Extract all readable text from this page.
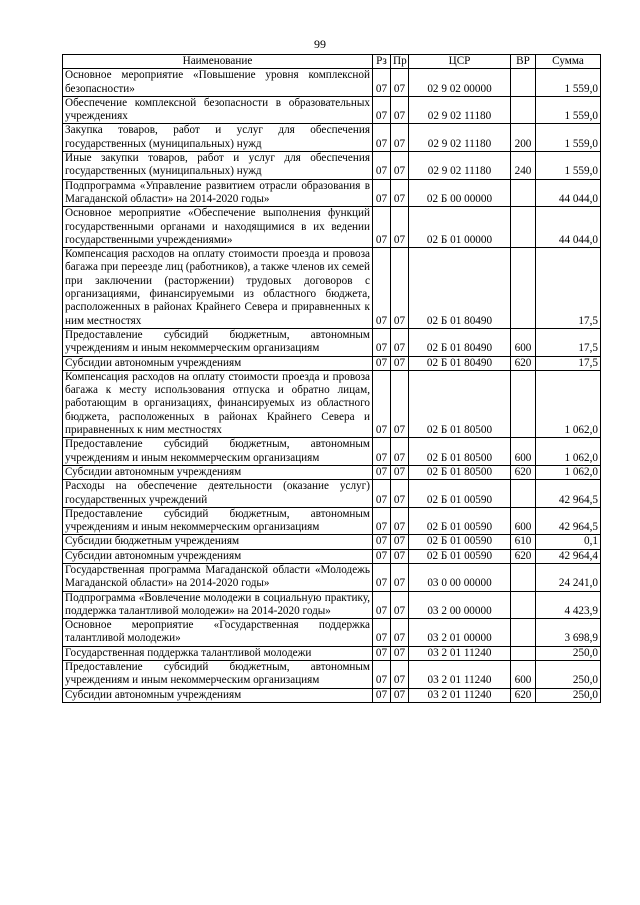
99
Наименование	Рз	Пр	ЦСР	ВР	Сумма
Основное мероприятие «Повышение уровня комплексной безопасности»	07	07	02 9 02 00000		1 559,0
Обеспечение комплексной безопасности в образовательных учреждениях	07	07	02 9 02 11180		1 559,0
Закупка товаров, работ и услуг для обеспечения государственных (муниципальных) нужд	07	07	02 9 02 11180	200	1 559,0
Иные закупки товаров, работ и услуг для обеспечения государственных (муниципальных) нужд	07	07	02 9 02 11180	240	1 559,0
Подпрограмма «Управление развитием отрасли образования в Магаданской области» на 2014-2020 годы»	07	07	02 Б 00 00000		44 044,0
Основное мероприятие «Обеспечение выполнения функций государственными органами и находящимися в их ведении государственными учреждениями»	07	07	02 Б 01 00000		44 044,0
Компенсация расходов на оплату стоимости проезда и провоза багажа при переезде лиц (работников), а также членов их семей при заключении (расторжении) трудовых договоров с организациями, финансируемыми из областного бюджета, расположенных в районах Крайнего Севера и приравненных к ним местностях	07	07	02 Б 01 80490		17,5
Предоставление субсидий бюджетным, автономным учреждениям и иным некоммерческим организациям	07	07	02 Б 01 80490	600	17,5
Субсидии автономным учреждениям	07	07	02 Б 01 80490	620	17,5
Компенсация расходов на оплату стоимости проезда и провоза багажа к месту использования отпуска и обратно лицам, работающим в организациях, финансируемых из областного бюджета, расположенных в районах Крайнего Севера и приравненных к ним местностях	07	07	02 Б 01 80500		1 062,0
Предоставление субсидий бюджетным, автономным учреждениям и иным некоммерческим организациям	07	07	02 Б 01 80500	600	1 062,0
Субсидии автономным учреждениям	07	07	02 Б 01 80500	620	1 062,0
Расходы на обеспечение деятельности (оказание услуг) государственных учреждений	07	07	02 Б 01 00590		42 964,5
Предоставление субсидий бюджетным, автономным учреждениям и иным некоммерческим организациям	07	07	02 Б 01 00590	600	42 964,5
Субсидии бюджетным учреждениям	07	07	02 Б 01 00590	610	0,1
Субсидии автономным учреждениям	07	07	02 Б 01 00590	620	42 964,4
Государственная программа Магаданской области «Молодежь Магаданской области» на 2014-2020 годы»	07	07	03 0 00 00000		24 241,0
Подпрограмма «Вовлечение молодежи в социальную практику, поддержка талантливой молодежи» на 2014-2020 годы»	07	07	03 2 00 00000		4 423,9
Основное мероприятие «Государственная поддержка талантливой молодежи»	07	07	03 2 01 00000		3 698,9
Государственная поддержка талантливой молодежи	07	07	03 2 01 11240		250,0
Предоставление субсидий бюджетным, автономным учреждениям и иным некоммерческим организациям	07	07	03 2 01 11240	600	250,0
Субсидии автономным учреждениям	07	07	03 2 01 11240	620	250,0
